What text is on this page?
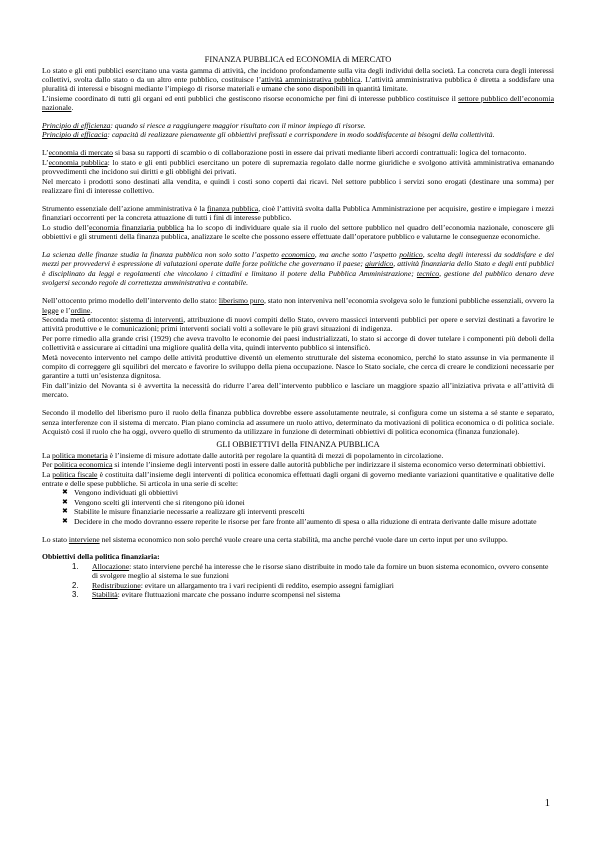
FINANZA PUBBLICA ed ECONOMIA di MERCATO

Lo stato e gli enti pubblici esercitano una vasta gamma di attività, che incidono profondamente sulla vita degli individui della società. La concreta cura degli interessi collettivi, svolta dallo stato o da un altro ente pubblico, costituisce l’attività amministrativa pubblica. L’attività amministrativa pubblica è diretta a soddisfare una pluralità di interessi e bisogni mediante l’impiego di risorse materiali e umane che sono disponibili in quantità limitate.
L’insieme coordinato di tutti gli organi ed enti pubblici che gestiscono risorse economiche per fini di interesse pubblico costituisce il settore pubblico dell’economia nazionale.

Principio di efficienza: quando si riesce a raggiungere maggior risultato con il minor impiego di risorse.
Principio di efficacia: capacità di realizzare pienamente gli obbiettivi prefissati e corrispondere in modo soddisfacente ai bisogni della collettività.

L’economia di mercato si basa su rapporti di scambio o di collaborazione posti in essere dai privati mediante liberi accordi contrattuali: logica del tornaconto.
L’economia pubblica: lo stato e gli enti pubblici esercitano un potere di supremazia regolato dalle norme giuridiche e svolgono attività amministrativa emanando provvedimenti che incidono sui diritti e gli obblighi dei privati.
Nel mercato i prodotti sono destinati alla vendita, e quindi i costi sono coperti dai ricavi. Nel settore pubblico i servizi sono erogati (destinare una somma) per realizzare fini di interesse collettivo.

Strumento essenziale dell’azione amministrativa è la finanza pubblica, cioè l’attività svolta dalla Pubblica Amministrazione per acquisire, gestire e impiegare i mezzi finanziari occorrenti per la concreta attuazione di tutti i fini di interesse pubblico.
Lo studio dell’economia finanziaria pubblica ha lo scopo di individuare quale sia il ruolo del settore pubblico nel quadro dell’economia nazionale, conoscere gli obbiettivi e gli strumenti della finanza pubblica, analizzare le scelte che possono essere effettuate dall’operatore pubblico e valutarne le conseguenze economiche.

La scienza delle finanze studia la finanza pubblica non solo sotto l’aspetto economico, ma anche sotto l’aspetto politico, scelta degli interessi da soddisfare e dei mezzi per provvedervi è espressione di valutazioni operate dalle forze politiche che governano il paese; giuridico, attività finanziaria dello Stato e degli enti pubblici è disciplinato da leggi e regolamenti che vincolano i cittadini e limitano il potere della Pubblica Amministrazione; tecnico, gestione del pubblico denaro deve svolgersi secondo regole di correttezza amministrativa e contabile.

Nell’ottocento primo modello dell’intervento dello stato: liberismo puro, stato non interveniva nell’economia svolgeva solo le funzioni pubbliche essenziali, ovvero la legge e l’ordine.
Seconda metà ottocento: sistema di interventi, attribuzione di nuovi compiti dello Stato, ovvero massicci interventi pubblici per opere e servizi destinati a favorire le attività produttive e le comunicazioni; primi interventi sociali volti a sollevare le più gravi situazioni di indigenza.
Per porre rimedio alla grande crisi (1929) che aveva travolto le economie dei paesi industrializzati, lo stato si accorge di dover tutelare i componenti più deboli della collettività e assicurare ai cittadini una migliore qualità della vita, quindi intervento pubblico si intensificò.
Metà novecento intervento nel campo delle attività produttive diventò un elemento strutturale del sistema economico, perché lo stato assunse in via permanente il compito di correggere gli squilibri del mercato e favorire lo sviluppo della piena occupazione. Nasce lo Stato sociale, che cerca di creare le condizioni necessarie per garantire a tutti un’esistenza dignitosa.
Fin dall’inizio del Novanta si è avvertita la necessità do ridurre l’area dell’intervento pubblico e lasciare un maggiore spazio all’iniziativa privata e all’attività di mercato.

Secondo il modello del liberismo puro il ruolo della finanza pubblica dovrebbe essere assolutamente neutrale, si configura come un sistema a sé stante e separato, senza interferenze con il sistema di mercato. Pian piano comincia ad assumere un ruolo attivo, determinato da motivazioni di politica economica o di politica sociale. Acquistò così il ruolo che ha oggi, ovvero quello di strumento da utilizzare in funzione di determinati obbiettivi di politica economica (finanza funzionale).

GLI OBBIETTIVI della FINANZA PUBBLICA

La politica monetaria è l’insieme di misure adottate dalle autorità per regolare la quantità di mezzi di popolamento in circolazione.
Per politica economica si intende l’insieme degli interventi posti in essere dalle autorità pubbliche per indirizzare il sistema economico verso determinati obbiettivi.
La politica fiscale è costituita dall’insieme degli interventi di politica economica effettuati dagli organi di governo mediante variazioni quantitative e qualitative delle entrate e delle spese pubbliche. Si articola in una serie di scelte:

✖ Vengono individuati gli obbiettivi
✖ Vengono scelti gli interventi che si ritengono più idonei
✖ Stabilite le misure finanziarie necessarie a realizzare gli interventi prescelti
✖ Decidere in che modo dovranno essere reperite le risorse per fare fronte all’aumento di spesa o alla riduzione di entrata derivante dalle misure adottate

Lo stato interviene nel sistema economico non solo perché vuole creare una certa stabilità, ma anche perché vuole dare un certo input per uno sviluppo.

Obbiettivi della politica finanziaria:

1. Allocazione: stato interviene perché ha interesse che le risorse siano distribuite in modo tale da fornire un buon sistema economico, ovvero consente di svolgere meglio al sistema le sue funzioni
2. Redistribuzione: evitare un allargamento tra i vari recipienti di reddito, esempio assegni famigliari
3. Stabilità: evitare fluttuazioni marcate che possano indurre scompensi nel sistema
1
